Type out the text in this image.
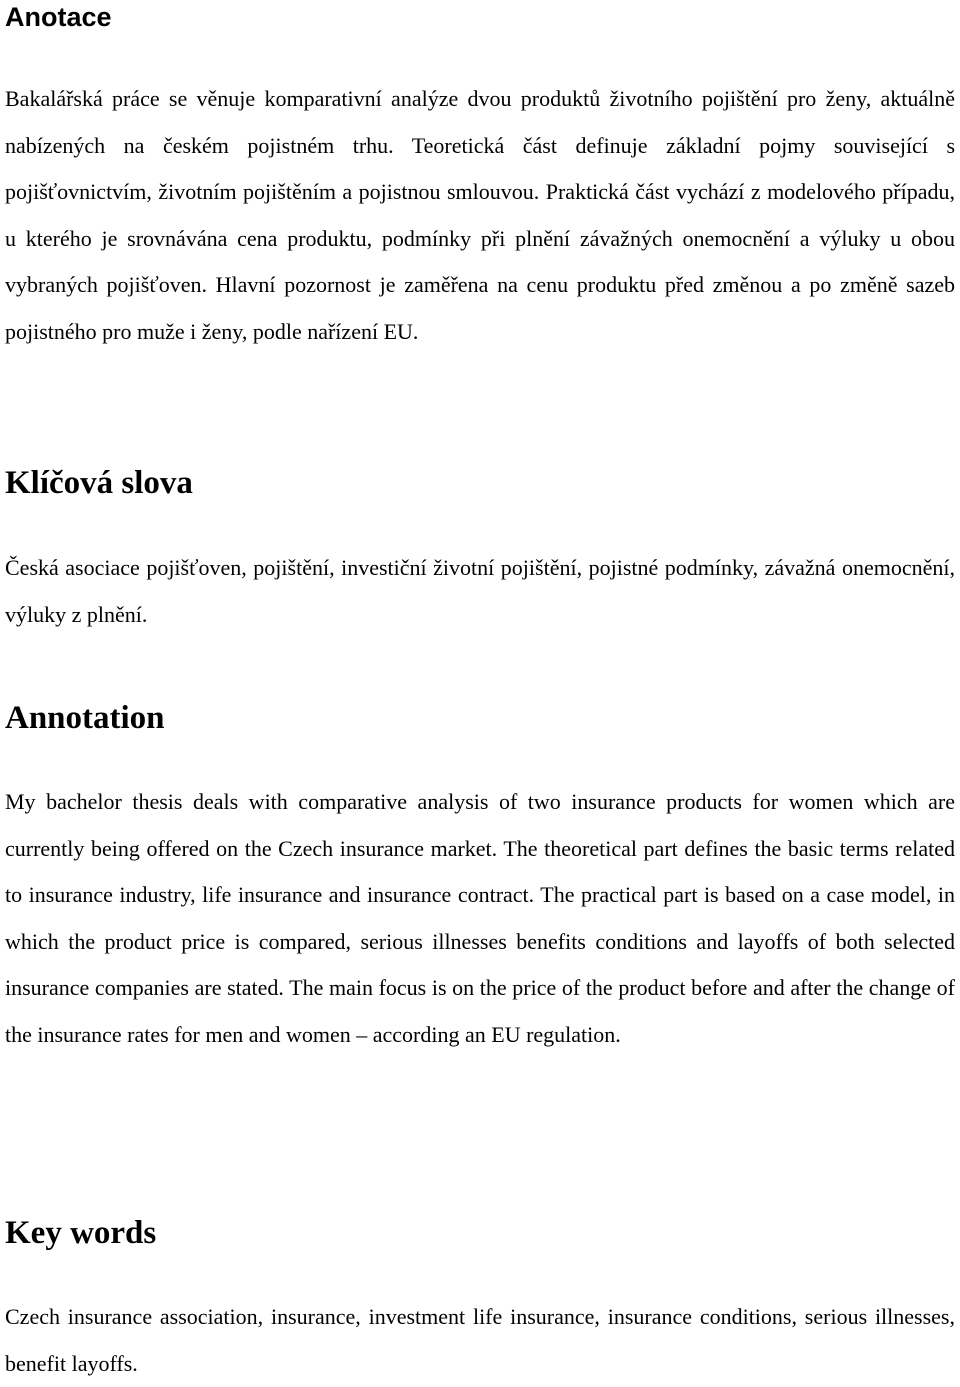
Anotace

Bakalářská práce se věnuje komparativní analýze dvou produktů životního pojištění pro ženy, aktuálně nabízených na českém pojistném trhu. Teoretická část definuje základní pojmy související s pojišťovnictvím, životním pojištěním a pojistnou smlouvou. Praktická část vychází z modelového případu, u kterého je srovnávána cena produktu, podmínky při plnění závažných onemocnění a výluky u obou vybraných pojišťoven. Hlavní pozornost je zaměřena na cenu produktu před změnou a po změně sazeb pojistného pro muže i ženy, podle nařízení EU.

Klíčová slova

Česká asociace pojišťoven, pojištění, investiční životní pojištění, pojistné podmínky, závažná onemocnění, výluky z plnění.

Annotation

My bachelor thesis deals with comparative analysis of two insurance products for women which are currently being offered on the Czech insurance market. The theoretical part defines the basic terms related to insurance industry, life insurance and insurance contract. The practical part is based on a case model, in which the product price is compared, serious illnesses benefits conditions and layoffs of both selected insurance companies are stated. The main focus is on the price of the product before and after the change of the insurance rates for men and women – according an EU regulation.

Key words

Czech insurance association, insurance, investment life insurance, insurance conditions, serious illnesses, benefit layoffs.
